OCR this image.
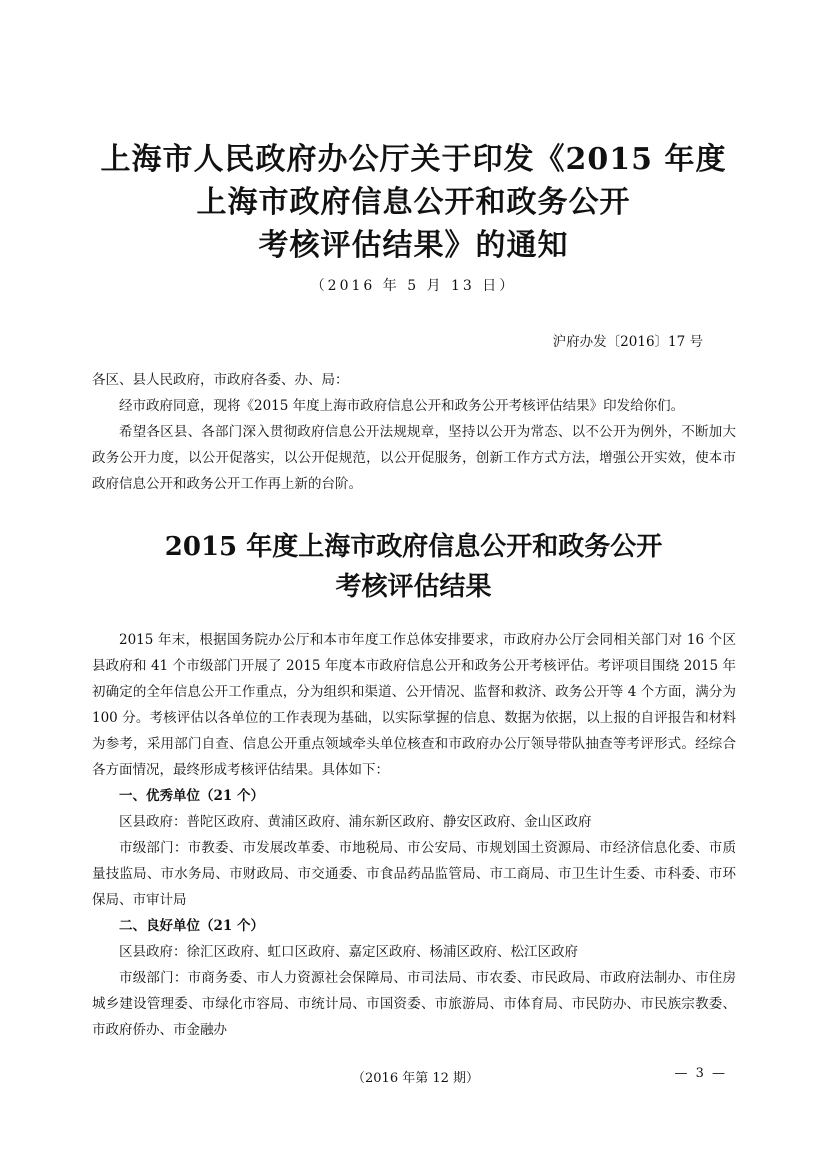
上海市人民政府办公厅关于印发《2015 年度
上海市政府信息公开和政务公开
考核评估结果》的通知
（2016 年 5 月 13 日）
沪府办发〔2016〕17 号
各区、县人民政府，市政府各委、办、局：
经市政府同意，现将《2015 年度上海市政府信息公开和政务公开考核评估结果》印发给你们。
希望各区县、各部门深入贯彻政府信息公开法规规章，坚持以公开为常态、以不公开为例外，不断加大政务公开力度，以公开促落实，以公开促规范，以公开促服务，创新工作方式方法，增强公开实效，使本市政府信息公开和政务公开工作再上新的台阶。
2015 年度上海市政府信息公开和政务公开
考核评估结果
2015 年末，根据国务院办公厅和本市年度工作总体安排要求，市政府办公厅会同相关部门对 16 个区县政府和 41 个市级部门开展了 2015 年度本市政府信息公开和政务公开考核评估。考评项目围绕 2015 年初确定的全年信息公开工作重点，分为组织和渠道、公开情况、监督和救济、政务公开等 4 个方面，满分为 100 分。考核评估以各单位的工作表现为基础，以实际掌握的信息、数据为依据，以上报的自评报告和材料为参考，采用部门自查、信息公开重点领域牵头单位核查和市政府办公厅领导带队抽查等考评形式。经综合各方面情况，最终形成考核评估结果。具体如下：
一、优秀单位（21 个）
区县政府：普陀区政府、黄浦区政府、浦东新区政府、静安区政府、金山区政府
市级部门：市教委、市发展改革委、市地税局、市公安局、市规划国土资源局、市经济信息化委、市质量技监局、市水务局、市财政局、市交通委、市食品药品监管局、市工商局、市卫生计生委、市科委、市环保局、市审计局
二、良好单位（21 个）
区县政府：徐汇区政府、虹口区政府、嘉定区政府、杨浦区政府、松江区政府
市级部门：市商务委、市人力资源社会保障局、市司法局、市农委、市民政局、市政府法制办、市住房城乡建设管理委、市绿化市容局、市统计局、市国资委、市旅游局、市体育局、市民防办、市民族宗教委、市政府侨办、市金融办
（2016 年第 12 期）	— 3 —
